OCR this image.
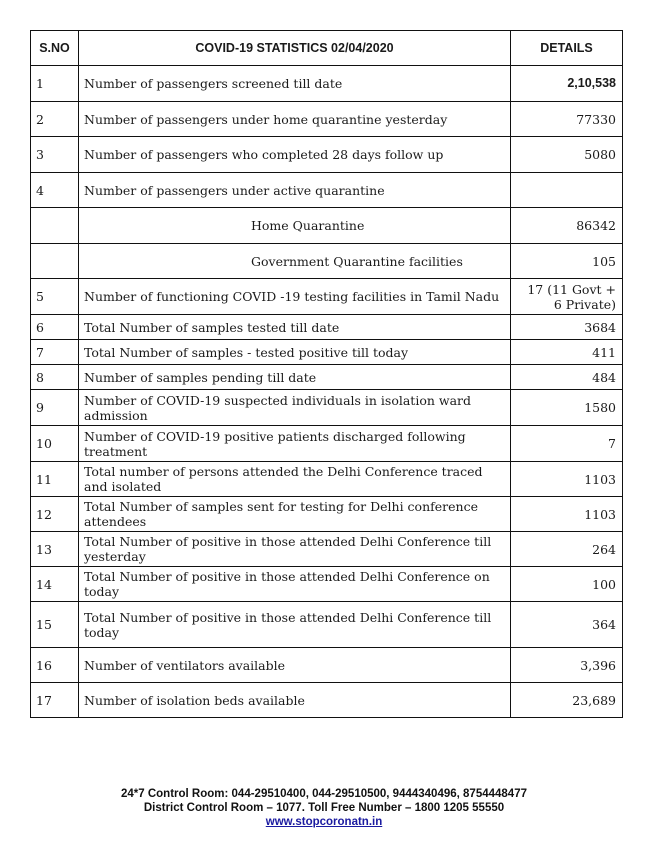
S.NO	COVID-19 STATISTICS 02/04/2020	DETAILS
1	Number of passengers screened till date	2,10,538
2	Number of passengers under home quarantine yesterday	77330
3	Number of passengers who completed 28 days follow up	5080
4	Number of passengers under active quarantine	
	Home Quarantine	86342
	Government Quarantine facilities	105
5	Number of functioning COVID -19 testing facilities in Tamil Nadu	17 (11 Govt + 6 Private)
6	Total Number of samples tested till date	3684
7	Total Number of samples - tested positive till today	411
8	Number of samples pending till date	484
9	Number of COVID-19 suspected individuals in isolation ward admission	1580
10	Number of COVID-19 positive patients discharged following treatment	7
11	Total number of persons attended the Delhi Conference traced and isolated	1103
12	Total Number of samples sent for testing for Delhi conference attendees	1103
13	Total Number of positive in those attended Delhi Conference till yesterday	264
14	Total Number of positive in those attended Delhi Conference on today	100
15	Total Number of positive in those attended Delhi Conference till today	364
16	Number of ventilators available	3,396
17	Number of isolation beds available	23,689
24*7 Control Room: 044-29510400, 044-29510500, 9444340496, 8754448477
District Control Room – 1077. Toll Free Number – 1800 1205 55550
www.stopcoronatn.in
